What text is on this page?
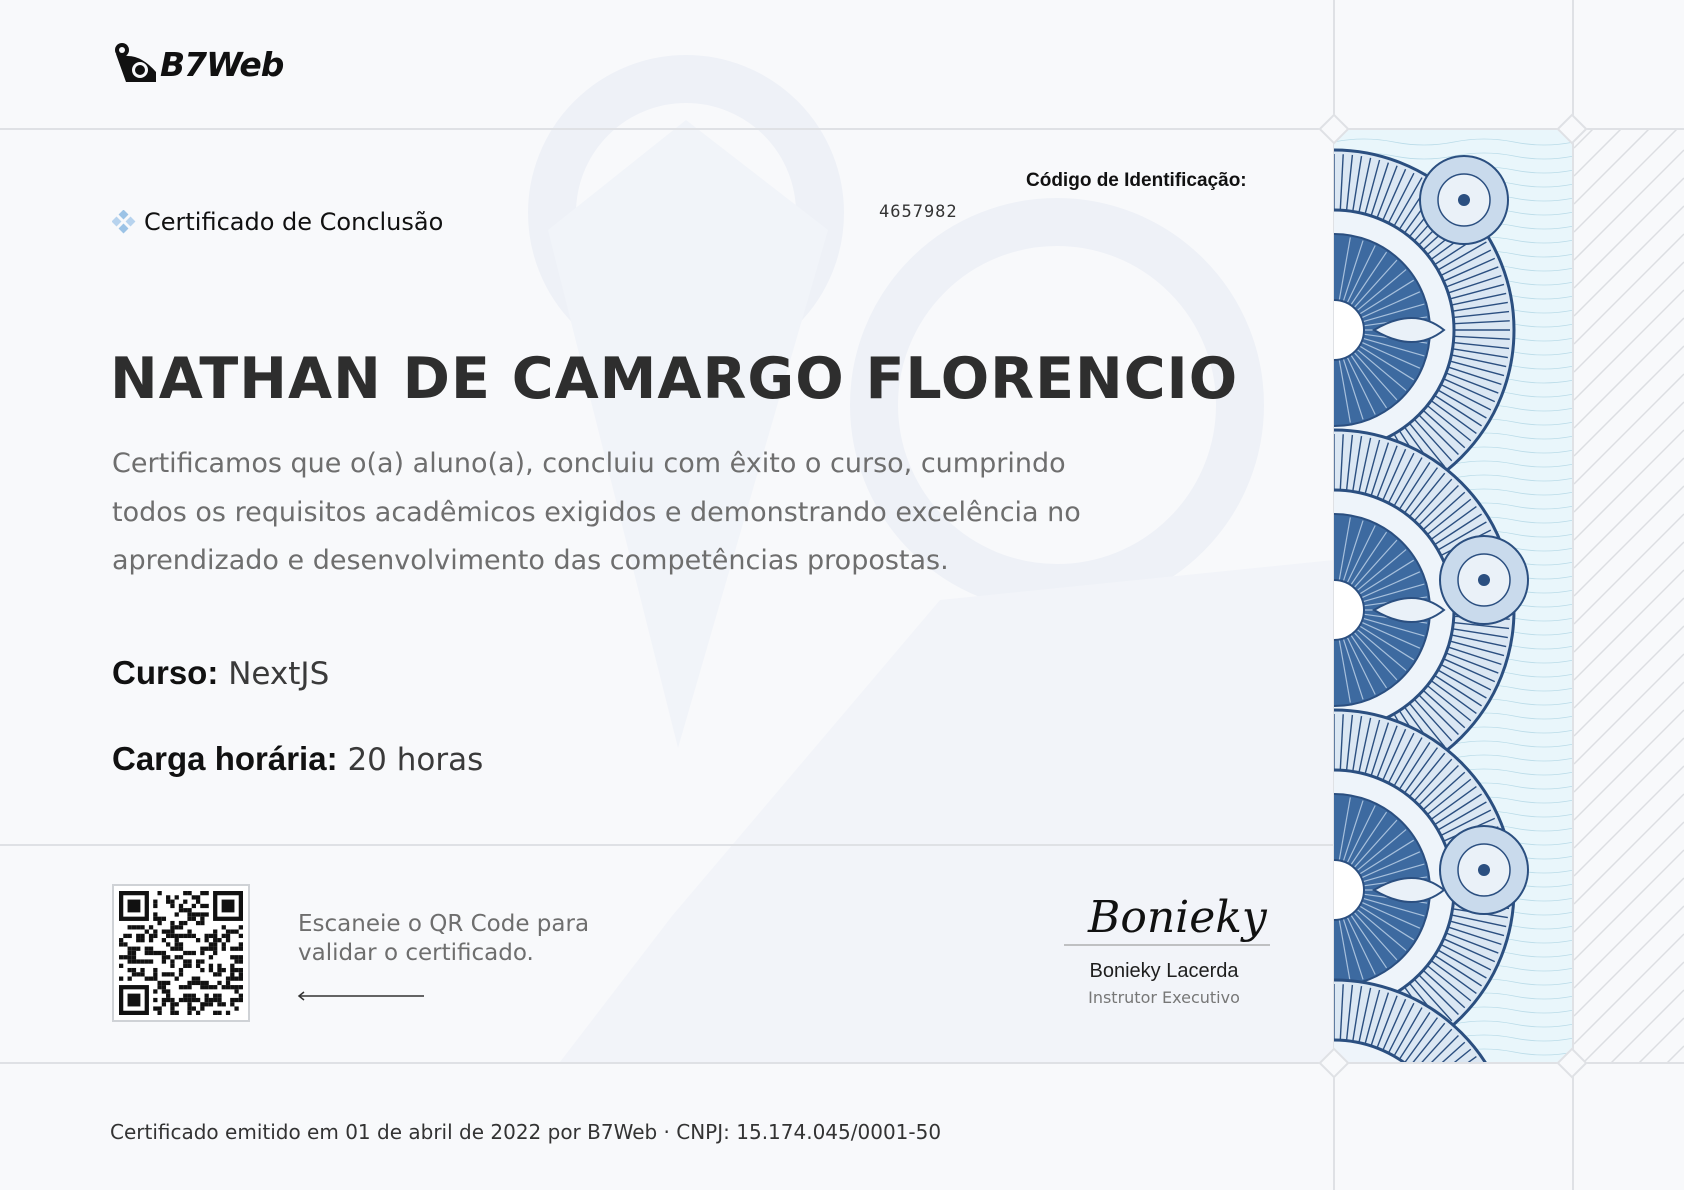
B7Web
Certificado de Conclusão
Código de Identificação:
4657982
NATHAN DE CAMARGO FLORENCIO
Certificamos que o(a) aluno(a), concluiu com êxito o curso, cumprindo todos os requisitos acadêmicos exigidos e demonstrando excelência no aprendizado e desenvolvimento das competências propostas.
Curso: NextJS
Carga horária: 20 horas
Escaneie o QR Code para
validar o certificado.
Bonieky
Bonieky Lacerda
Instrutor Executivo
Certificado emitido em 01 de abril de 2022 por B7Web · CNPJ: 15.174.045/0001-50
